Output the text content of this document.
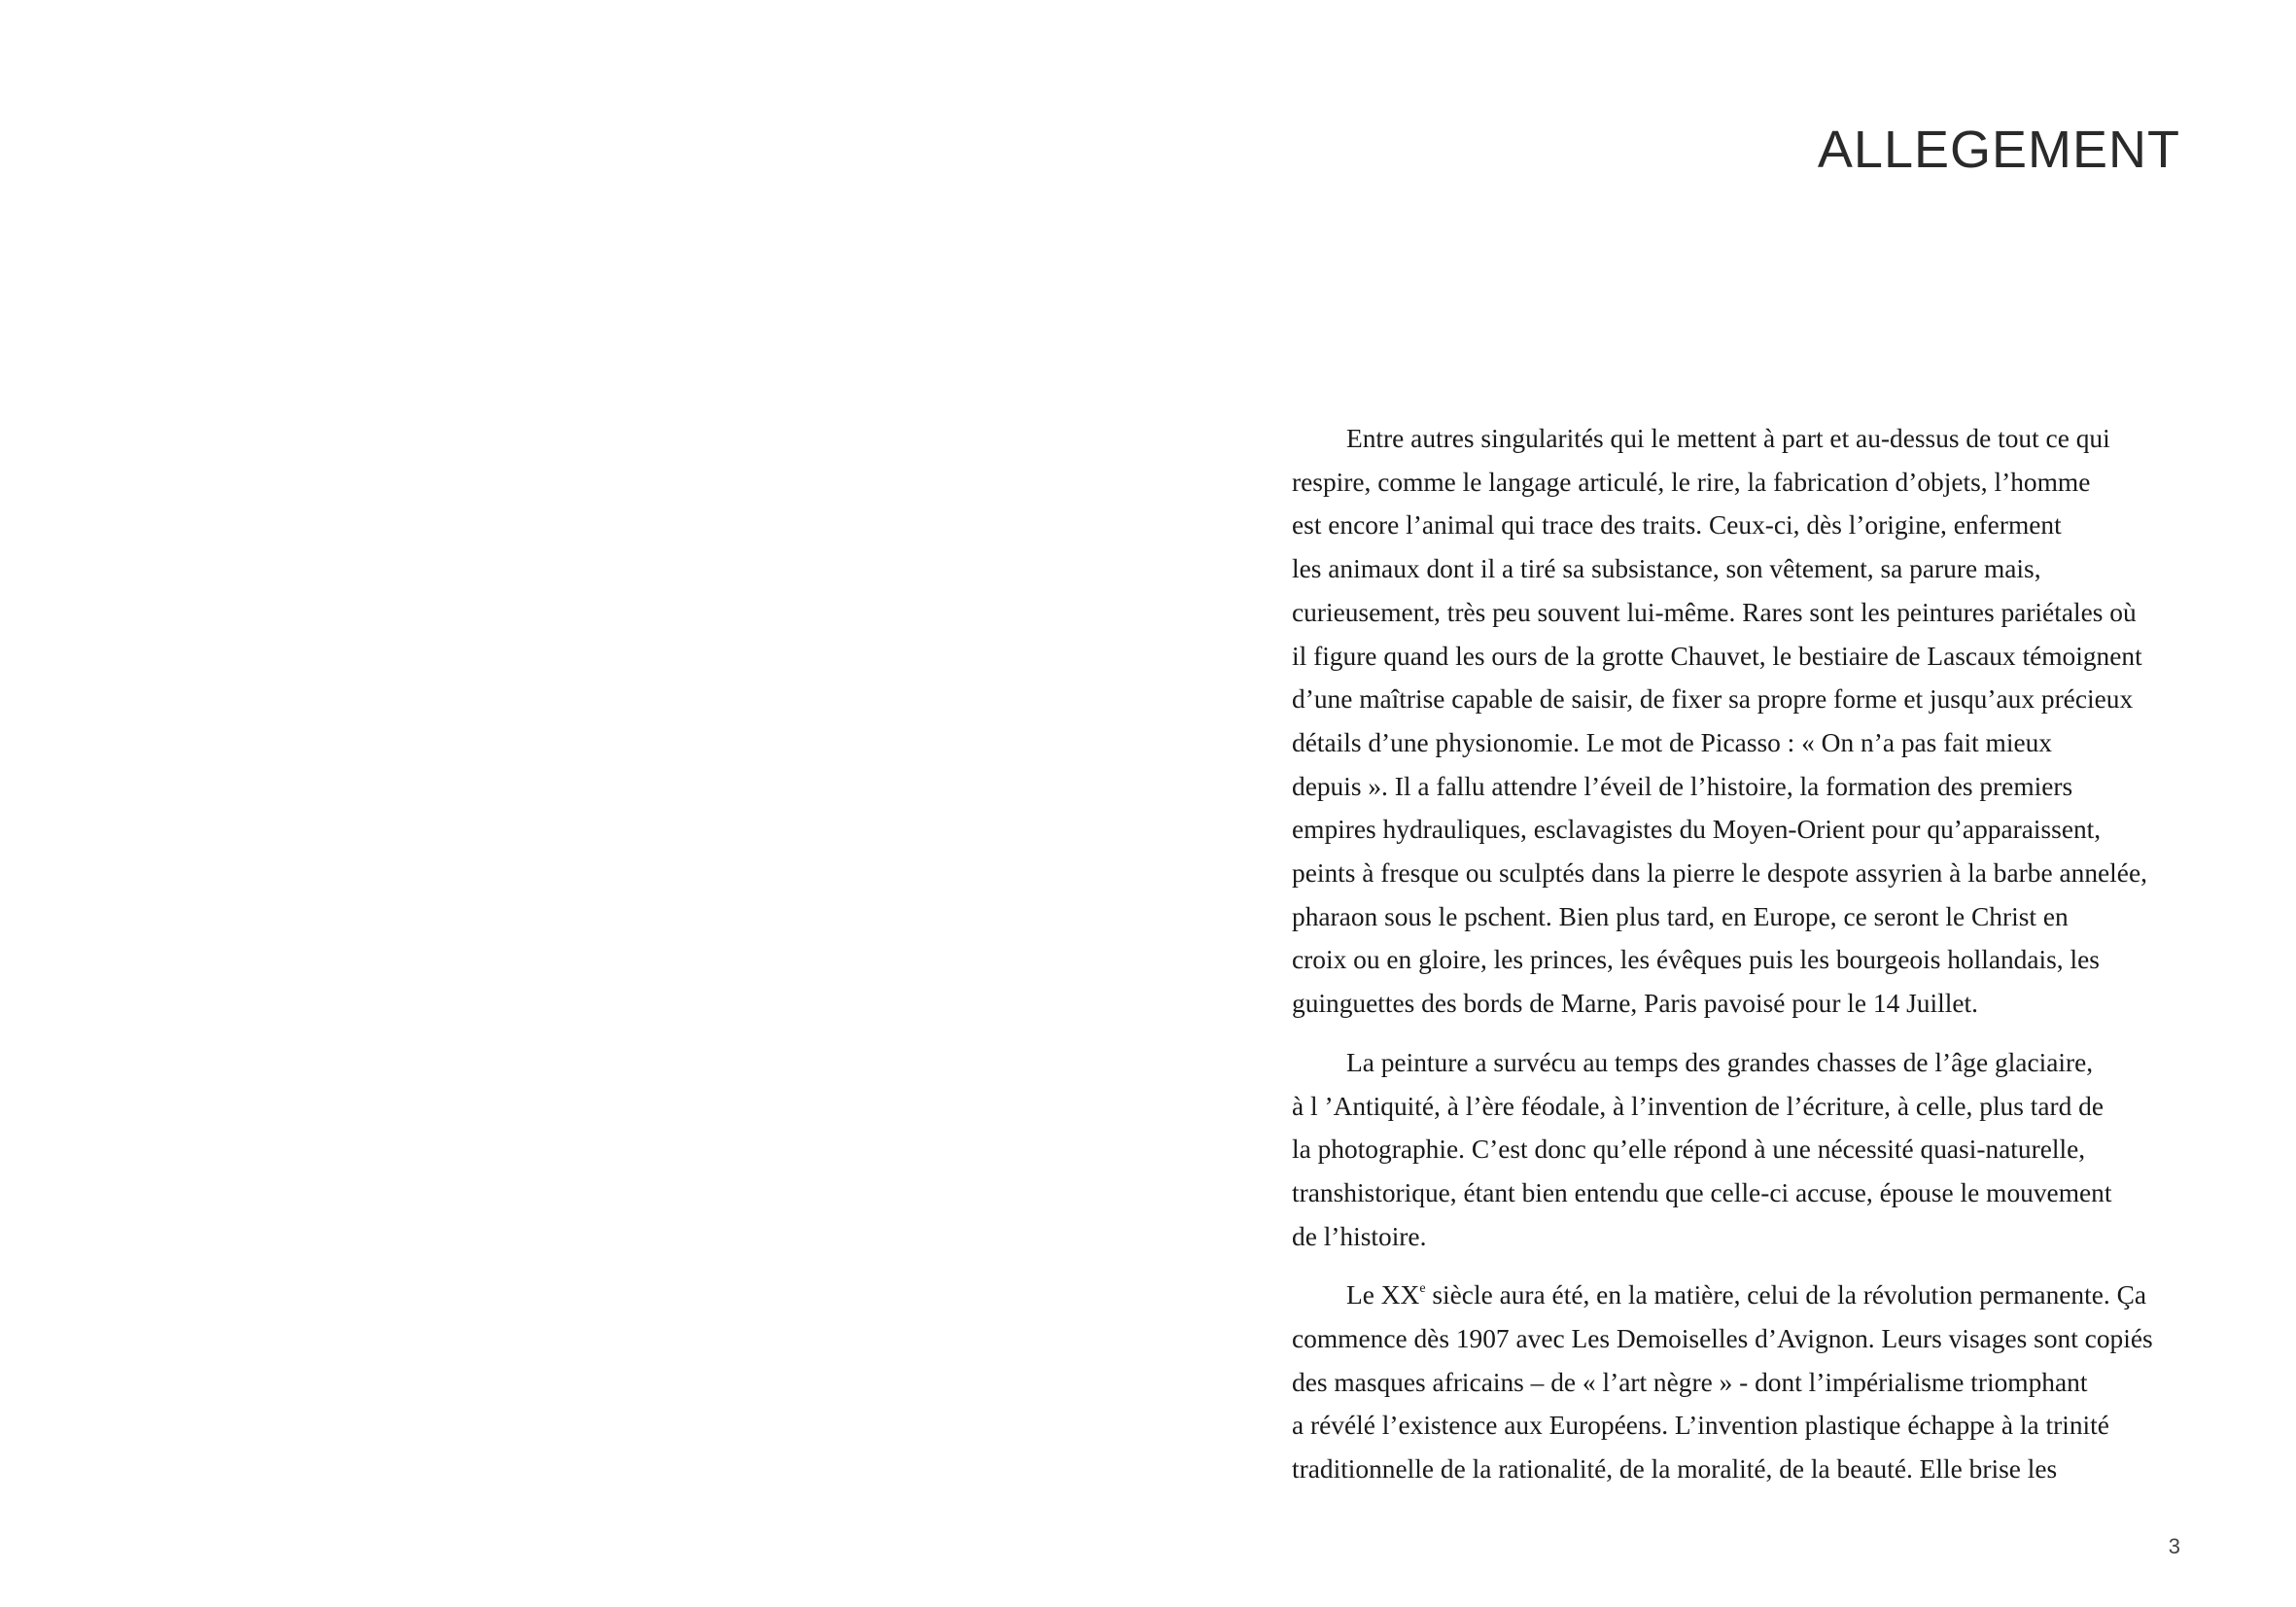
ALLEGEMENT

Entre autres singularités qui le mettent à part et au-dessus de tout ce qui
respire, comme le langage articulé, le rire, la fabrication d’objets, l’homme
est encore l’animal qui trace des traits. Ceux-ci, dès l’origine, enferment
les animaux dont il a tiré sa subsistance, son vêtement, sa parure mais,
curieusement, très peu souvent lui-même. Rares sont les peintures pariétales où
il figure quand les ours de la grotte Chauvet, le bestiaire de Lascaux témoignent
d’une maîtrise capable de saisir, de fixer sa propre forme et jusqu’aux précieux
détails d’une physionomie. Le mot de Picasso : « On n’a pas fait mieux
depuis ». Il a fallu attendre l’éveil de l’histoire, la formation des premiers
empires hydrauliques, esclavagistes du Moyen-Orient pour qu’apparaissent,
peints à fresque ou sculptés dans la pierre le despote assyrien à la barbe annelée,
pharaon sous le pschent. Bien plus tard, en Europe, ce seront le Christ en
croix ou en gloire, les princes, les évêques puis les bourgeois hollandais, les
guinguettes des bords de Marne, Paris pavoisé pour le 14 Juillet.

La peinture a survécu au temps des grandes chasses de l’âge glaciaire,
à l ’Antiquité, à l’ère féodale, à l’invention de l’écriture, à celle, plus tard de
la photographie. C’est donc qu’elle répond à une nécessité quasi-naturelle,
transhistorique, étant bien entendu que celle-ci accuse, épouse le mouvement
de l’histoire.

Le XXe siècle aura été, en la matière, celui de la révolution permanente. Ça
commence dès 1907 avec Les Demoiselles d’Avignon. Leurs visages sont copiés
des masques africains – de « l’art nègre » - dont l’impérialisme triomphant
a révélé l’existence aux Européens. L’invention plastique échappe à la trinité
traditionnelle de la rationalité, de la moralité, de la beauté. Elle brise les

3
